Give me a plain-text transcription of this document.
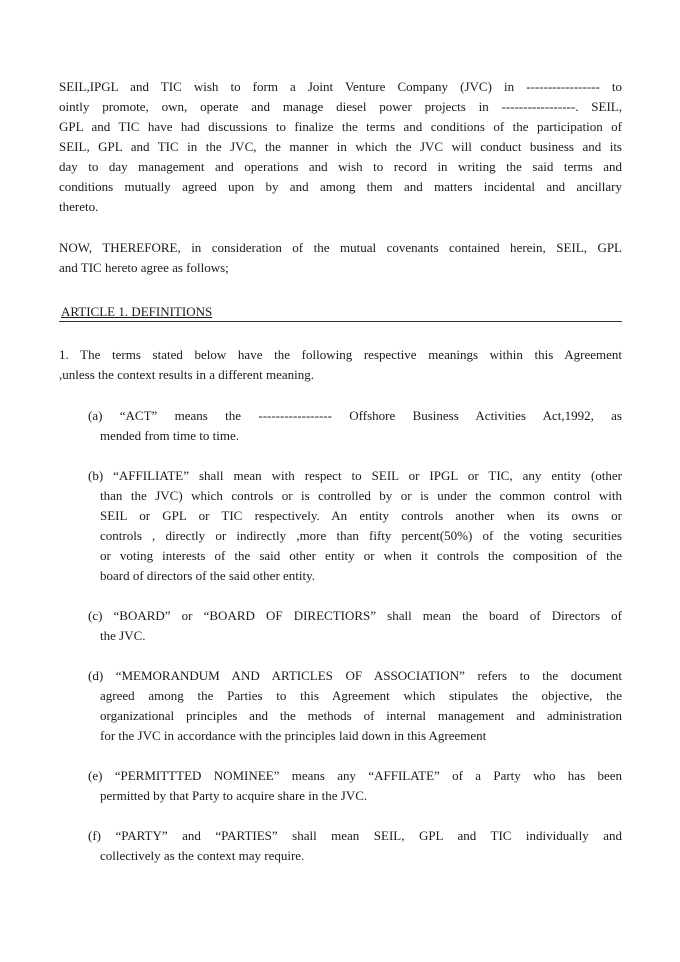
SEIL,IPGL and TIC wish to form a Joint Venture Company (JVC) in ----------------- to
ointly promote, own, operate and manage diesel power projects in -----------------. SEIL,
GPL and TIC have had discussions to finalize the terms and conditions of the participation of
SEIL, GPL and TIC in the JVC, the manner in which the JVC will conduct business and its
day to day management and operations and wish to record in writing the said terms and
conditions mutually agreed upon by and among them and matters incidental and ancillary
thereto.
NOW, THEREFORE, in consideration of the mutual covenants contained herein, SEIL, GPL
and TIC hereto agree as follows;
ARTICLE 1. DEFINITIONS
1. The terms stated below have the following respective meanings within this Agreement
,unless the context results in a different meaning.
(a) “ACT” means the ----------------- Offshore Business Activities Act,1992, as
mended from time to time.
(b) “AFFILIATE” shall mean with respect to SEIL or IPGL or TIC, any entity (other
than the JVC) which controls or is controlled by or is under the common control with
SEIL or GPL or TIC respectively. An entity controls another when its owns or
controls , directly or indirectly ,more than fifty percent(50%) of the voting securities
or voting interests of the said other entity or when it controls the composition of the
board of directors of the said other entity.
(c) “BOARD” or “BOARD OF DIRECTIORS” shall mean the board of Directors of
the JVC.
(d) “MEMORANDUM AND ARTICLES OF ASSOCIATION” refers to the document
agreed among the Parties to this Agreement which stipulates the objective, the
organizational principles and the methods of internal management and administration
for the JVC in accordance with the principles laid down in this Agreement
(e) “PERMITTTED NOMINEE” means any “AFFILATE” of a Party who has been
permitted by that Party to acquire share in the JVC.
(f) “PARTY” and “PARTIES” shall mean SEIL, GPL and TIC individually and
collectively as the context may require.
